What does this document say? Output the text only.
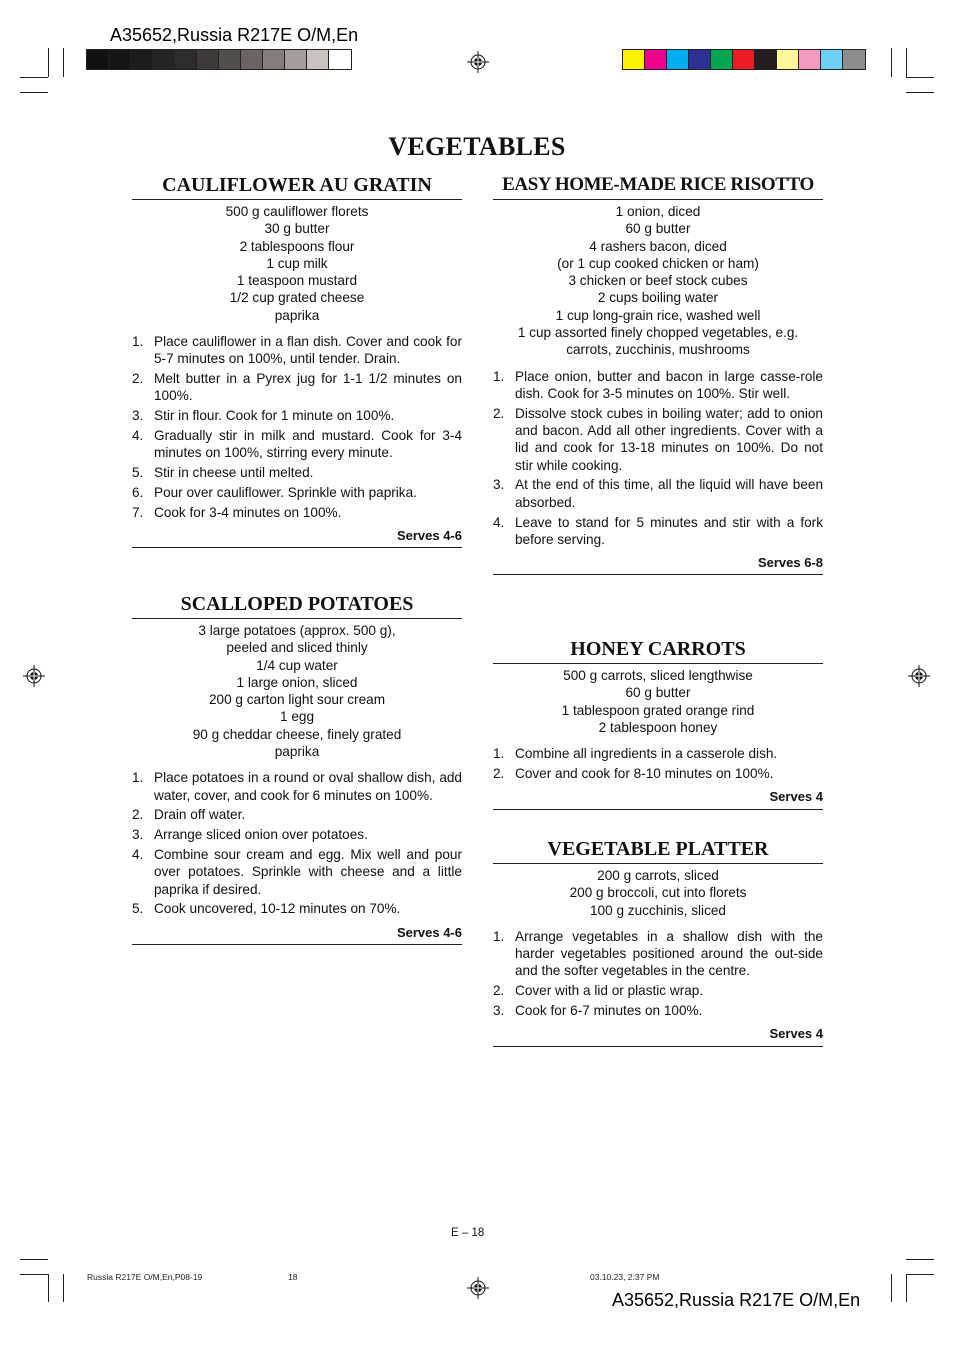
A35652,Russia R217E O/M,En
VEGETABLES
CAULIFLOWER AU GRATIN
500 g cauliflower florets
30 g butter
2 tablespoons flour
1 cup milk
1 teaspoon mustard
1/2 cup grated cheese
paprika
1. Place cauliflower in a flan dish. Cover and cook for 5-7 minutes on 100%, until tender. Drain.
2. Melt butter in a Pyrex jug for 1-1 1/2 minutes on 100%.
3. Stir in flour. Cook for 1 minute on 100%.
4. Gradually stir in milk and mustard. Cook for 3-4 minutes on 100%, stirring every minute.
5. Stir in cheese until melted.
6. Pour over cauliflower. Sprinkle with paprika.
7. Cook for 3-4 minutes on 100%.
Serves 4-6
SCALLOPED POTATOES
3 large potatoes (approx. 500 g),
peeled and sliced thinly
1/4 cup water
1 large onion, sliced
200 g carton light sour cream
1 egg
90 g cheddar cheese, finely grated
paprika
1. Place potatoes in a round or oval shallow dish, add water, cover, and cook for 6 minutes on 100%.
2. Drain off water.
3. Arrange sliced onion over potatoes.
4. Combine sour cream and egg. Mix well and pour over potatoes. Sprinkle with cheese and a little paprika if desired.
5. Cook uncovered, 10-12 minutes on 70%.
Serves 4-6
EASY HOME-MADE RICE RISOTTO
1 onion, diced
60 g butter
4 rashers bacon, diced
(or 1 cup cooked chicken or ham)
3 chicken or beef stock cubes
2 cups boiling water
1 cup long-grain rice, washed well
1 cup assorted finely chopped vegetables, e.g.
carrots, zucchinis, mushrooms
1. Place onion, butter and bacon in large casse-role dish. Cook for 3-5 minutes on 100%. Stir well.
2. Dissolve stock cubes in boiling water; add to onion and bacon. Add all other ingredients. Cover with a lid and cook for 13-18 minutes on 100%. Do not stir while cooking.
3. At the end of this time, all the liquid will have been absorbed.
4. Leave to stand for 5 minutes and stir with a fork before serving.
Serves 6-8
HONEY CARROTS
500 g carrots, sliced lengthwise
60 g butter
1 tablespoon grated orange rind
2 tablespoon honey
1. Combine all ingredients in a casserole dish.
2. Cover and cook for 8-10 minutes on 100%.
Serves 4
VEGETABLE PLATTER
200 g carrots, sliced
200 g broccoli, cut into florets
100 g zucchinis, sliced
1. Arrange vegetables in a shallow dish with the harder vegetables positioned around the out-side and the softer vegetables in the centre.
2. Cover with a lid or plastic wrap.
3. Cook for 6-7 minutes on 100%.
Serves 4
E – 18
Russia R217E O/M,En,P08-19	18	03.10.23, 2:37 PM
A35652,Russia R217E O/M,En
